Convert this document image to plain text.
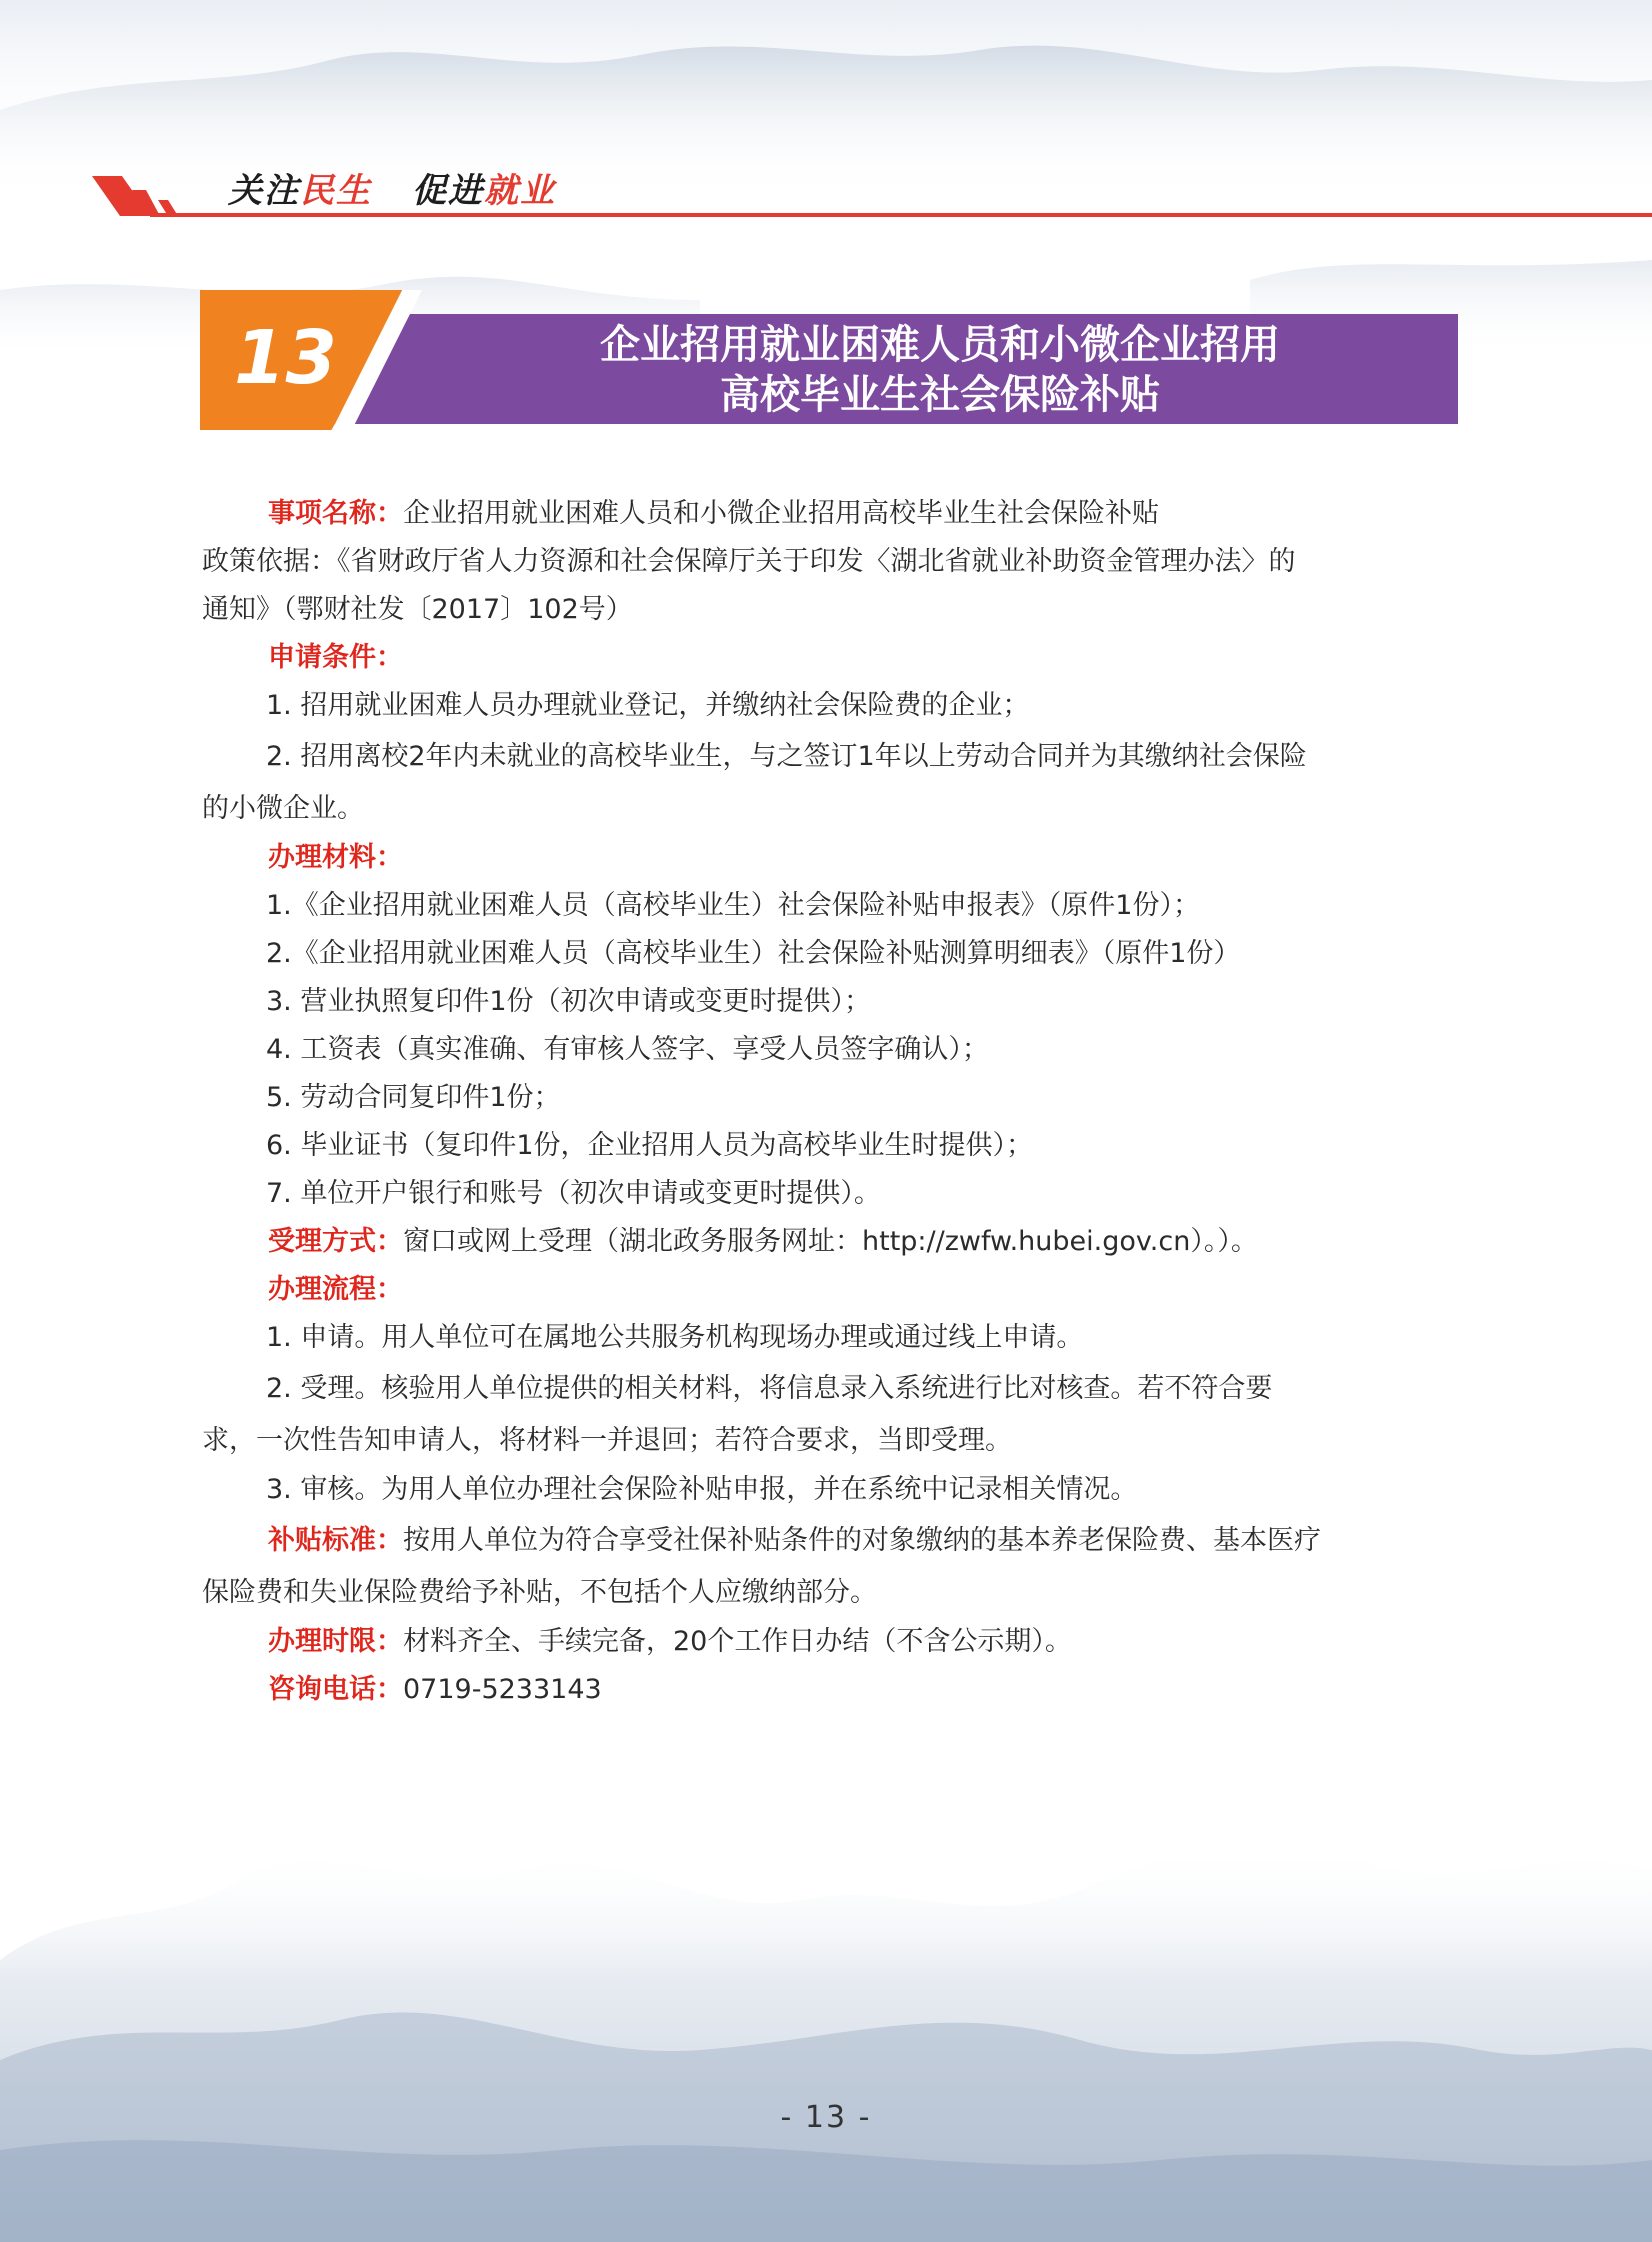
关注 民生 促进 就业
13	企业招用就业困难人员和小微企业招用
高校毕业生社会保险补贴

事项名称：企业招用就业困难人员和小微企业招用高校毕业生社会保险补贴

政策依据：《省财政厅省人力资源和社会保障厅关于印发〈湖北省就业补助资金管理办法〉的

通知》（鄂财社发〔2017〕102号）

申请条件：

1. 招用就业困难人员办理就业登记，并缴纳社会保险费的企业；

2. 招用离校2年内未就业的高校毕业生，与之签订1年以上劳动合同并为其缴纳社会保险

的小微企业。

办理材料：

1.《企业招用就业困难人员（高校毕业生）社会保险补贴申报表》（原件1份）；

2.《企业招用就业困难人员（高校毕业生）社会保险补贴测算明细表》（原件1份）

3. 营业执照复印件1份（初次申请或变更时提供）；

4. 工资表（真实准确、有审核人签字、享受人员签字确认）；

5. 劳动合同复印件1份；

6. 毕业证书（复印件1份，企业招用人员为高校毕业生时提供）；

7. 单位开户银行和账号（初次申请或变更时提供）。

受理方式：窗口或网上受理（湖北政务服务网址：http://zwfw.hubei.gov.cn）。）。

办理流程：

1. 申请。用人单位可在属地公共服务机构现场办理或通过线上申请。

2. 受理。核验用人单位提供的相关材料，将信息录入系统进行比对核查。若不符合要

求，一次性告知申请人，将材料一并退回；若符合要求，当即受理。

3. 审核。为用人单位办理社会保险补贴申报，并在系统中记录相关情况。

补贴标准：按用人单位为符合享受社保补贴条件的对象缴纳的基本养老保险费、基本医疗

保险费和失业保险费给予补贴，不包括个人应缴纳部分。

办理时限：材料齐全、手续完备，20个工作日办结（不含公示期）。

咨询电话：0719-5233143

- 13 -
